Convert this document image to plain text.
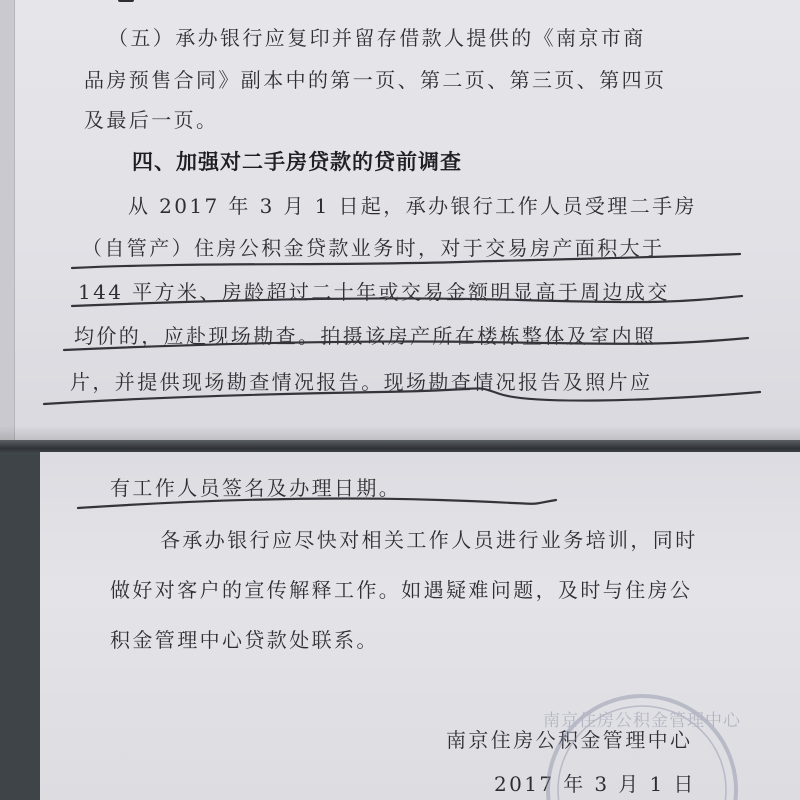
（五）承办银行应复印并留存借款人提供的《南京市商

品房预售合同》副本中的第一页、第二页、第三页、第四页

及最后一页。

四、加强对二手房贷款的贷前调查

从 2017 年 3 月 1 日起，承办银行工作人员受理二手房

（自管产）住房公积金贷款业务时，对于交易房产面积大于

144 平方米、房龄超过二十年或交易金额明显高于周边成交

均价的，应赴现场勘查。拍摄该房产所在楼栋整体及室内照

片，并提供现场勘查情况报告。现场勘查情况报告及照片应

有工作人员签名及办理日期。

各承办银行应尽快对相关工作人员进行业务培训，同时

做好对客户的宣传解释工作。如遇疑难问题，及时与住房公

积金管理中心贷款处联系。

南京住房公积金管理中心

2017 年 3 月 1 日

南京住房公积金管理中心
